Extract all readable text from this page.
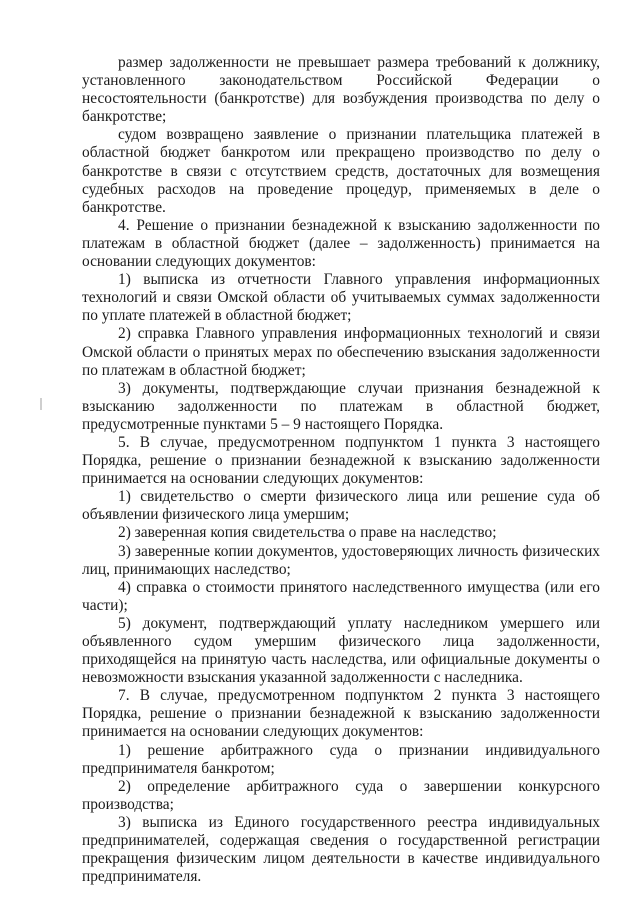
размер задолженности не превышает размера требований к должнику, установленного законодательством Российской Федерации о несостоятельности (банкротстве) для возбуждения производства по делу о банкротстве;

судом возвращено заявление о признании плательщика платежей в областной бюджет банкротом или прекращено производство по делу о банкротстве в связи с отсутствием средств, достаточных для возмещения судебных расходов на проведение процедур, применяемых в деле о банкротстве.

4. Решение о признании безнадежной к взысканию задолженности по платежам в областной бюджет (далее – задолженность) принимается на основании следующих документов:

1) выписка из отчетности Главного управления информационных технологий и связи Омской области об учитываемых суммах задолженности по уплате платежей в областной бюджет;

2) справка Главного управления информационных технологий и связи Омской области о принятых мерах по обеспечению взыскания задолженности по платежам в областной бюджет;

3) документы, подтверждающие случаи признания безнадежной к взысканию задолженности по платежам в областной бюджет, предусмотренные пунктами 5 – 9 настоящего Порядка.

5. В случае, предусмотренном подпунктом 1 пункта 3 настоящего Порядка, решение о признании безнадежной к взысканию задолженности принимается на основании следующих документов:

1) свидетельство о смерти физического лица или решение суда об объявлении физического лица умершим;

2) заверенная копия свидетельства о праве на наследство;

3) заверенные копии документов, удостоверяющих личность физических лиц, принимающих наследство;

4) справка о стоимости принятого наследственного имущества (или его части);

5) документ, подтверждающий уплату наследником умершего или объявленного судом умершим физического лица задолженности, приходящейся на принятую часть наследства, или официальные документы о невозможности взыскания указанной задолженности с наследника.

7. В случае, предусмотренном подпунктом 2 пункта 3 настоящего Порядка, решение о признании безнадежной к взысканию задолженности принимается на основании следующих документов:

1) решение арбитражного суда о признании индивидуального предпринимателя банкротом;

2) определение арбитражного суда о завершении конкурсного производства;

3) выписка из Единого государственного реестра индивидуальных предпринимателей, содержащая сведения о государственной регистрации прекращения физическим лицом деятельности в качестве индивидуального предпринимателя.
